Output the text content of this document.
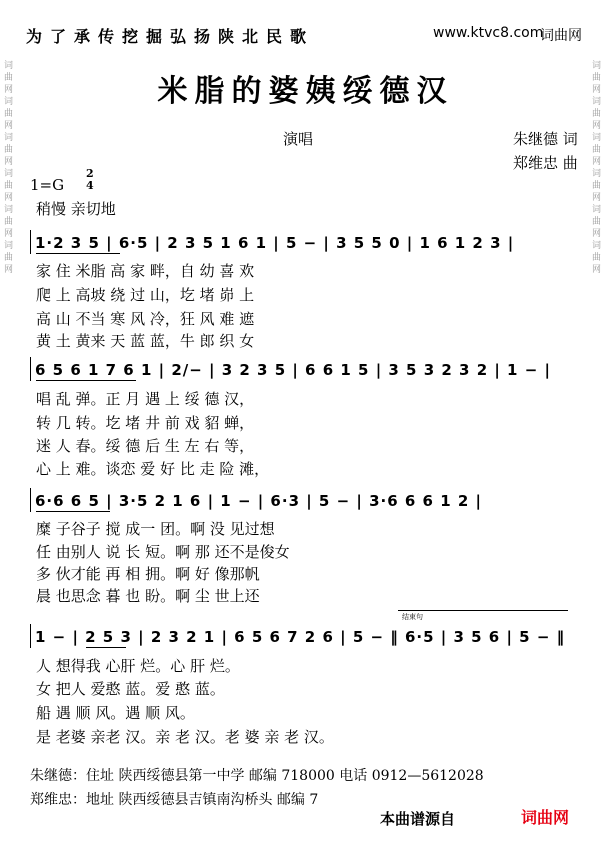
为了承传挖掘弘扬陕北民歌	www.ktvc8.com
词曲网
词曲网词曲网词曲网词曲网词曲网词曲网
词曲网词曲网词曲网词曲网词曲网词曲网
米脂的婆姨绥德汉
演唱	朱继德 词
郑维忠 曲
1=G
2
4
稍慢 亲切地
1·2 3 5 | 6·5 | 2 3 5 1 6 1 | 5 − | 3 5 5 0 | 1 6 1 2 3 |
家 住 米脂 高 家 畔，自 幼 喜 欢
爬 上 高坡 绕 过 山，圪 堵 峁 上
高 山 不当 寒 风 冷，狂 风 难 遮
黄 土 黄来 天 蓝 蓝，牛 郎 织 女
6 5 6 1 7 6 1 | 2/− | 3 2 3 5 | 6 6 1 5 | 3 5 3 2 3 2 | 1 − |
唱 乱 弹。正 月 遇 上 绥 德 汉，
转 几 转。圪 堵 井 前 戏 貂 蝉，
迷 人 春。绥 德 后 生 左 右 等，
心 上 难。谈恋 爱 好 比 走 险 滩，
6·6 6 5 | 3·5 2 1 6 | 1 − | 6·3 | 5 − | 3·6 6 6 1 2 |
糜 子谷子 搅 成一 团。啊 没 见过想
任 由别人 说 长 短。啊 那 还不是俊女
多 伙才能 再 相 拥。啊 好 像那帆
晨 也思念 暮 也 盼。啊 尘 世上还
结束句
1 − | 2 5 3 | 2 3 2 1 | 6 5 6 7 2 6 | 5 − ‖ 6·5 | 3 5 6 | 5 − ‖
人 想得我 心肝 烂。心 肝 烂。
女 把人 爱憨 蓝。爱 憨 蓝。
船 遇 顺 风。遇 顺 风。
是 老婆 亲老 汉。亲 老 汉。老 婆 亲 老 汉。
朱继德：住址 陕西绥德县第一中学 邮编 718000 电话 0912—5612028
郑维忠：地址 陕西绥德县吉镇南沟桥头 邮编 7
本曲谱源自	词曲网
